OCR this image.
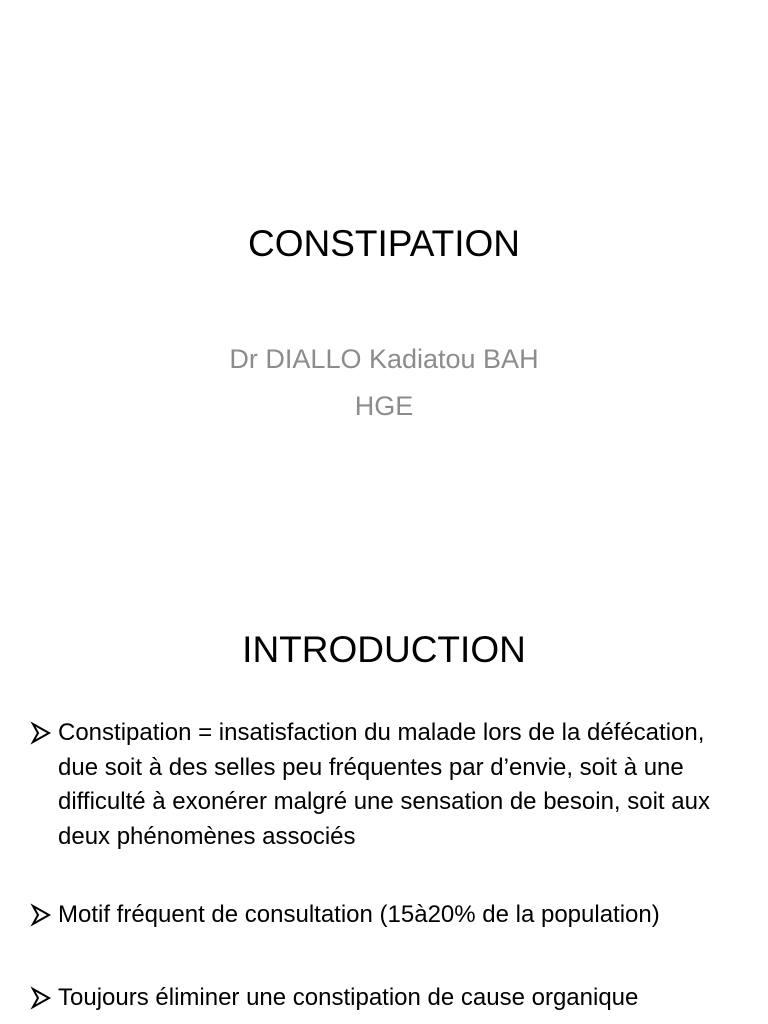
CONSTIPATION
Dr DIALLO Kadiatou BAH
HGE
INTRODUCTION
Constipation = insatisfaction du malade lors de la défécation, due soit à des selles peu fréquentes par d’envie, soit à une difficulté à exonérer malgré une sensation de besoin, soit aux deux phénomènes associés
Motif fréquent de consultation (15à20% de la population)
Toujours éliminer une constipation de cause organique
